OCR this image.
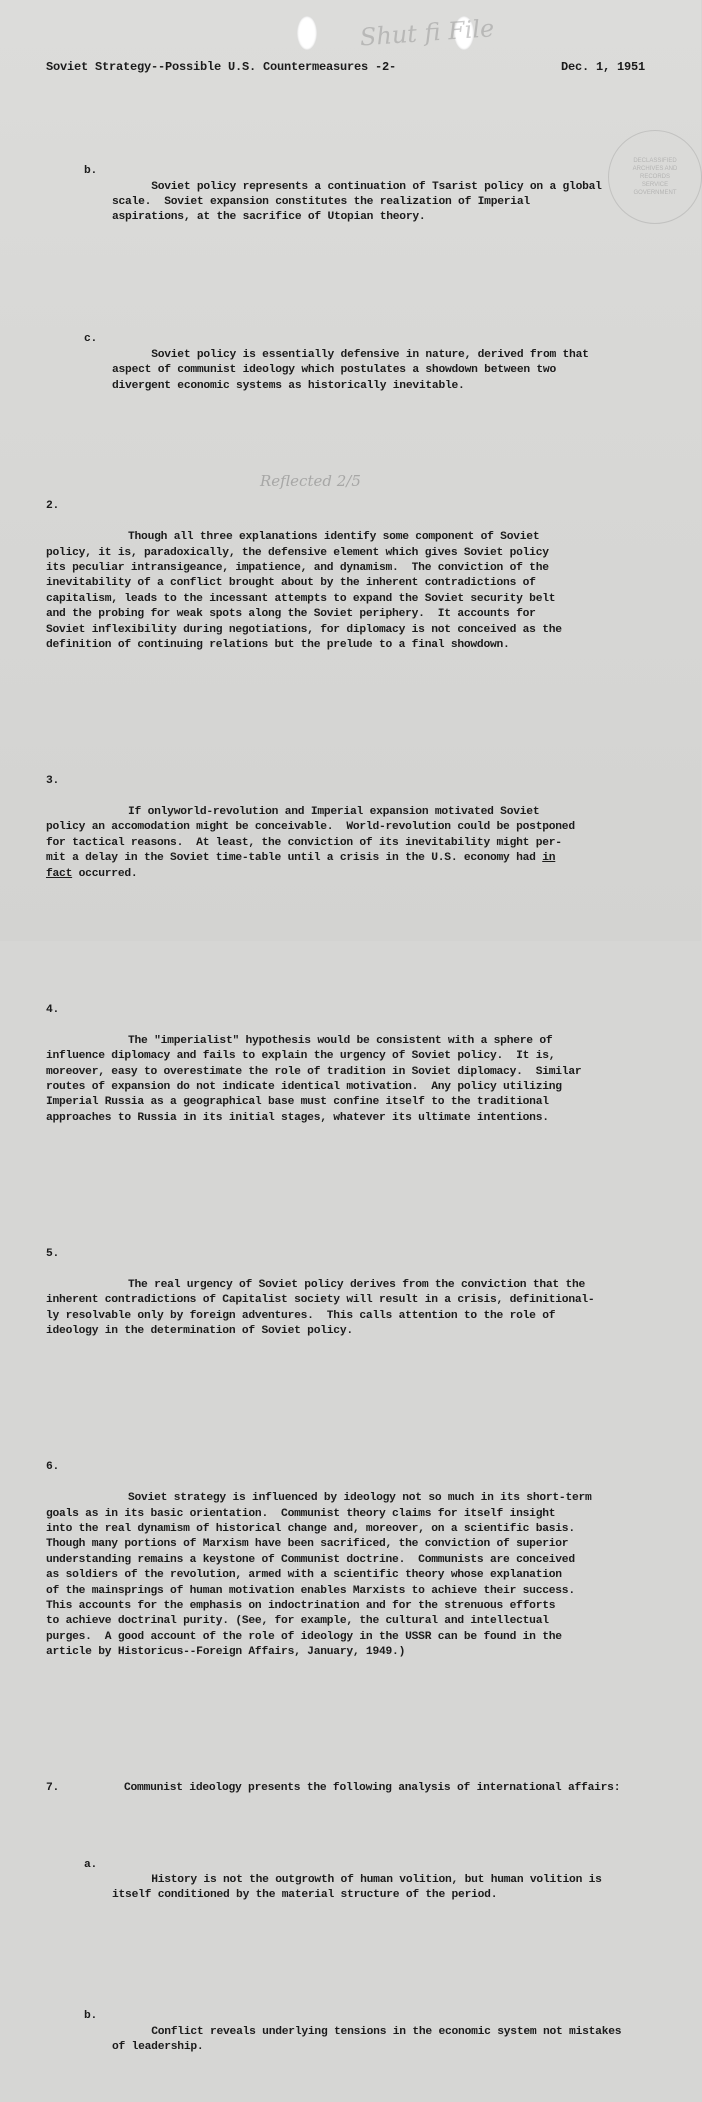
Shut fi File
DECLASSIFIED
ARCHIVES AND
RECORDS
SERVICE
GOVERNMENT
Soviet Strategy--Possible U.S. Countermeasures -2-	Dec. 1, 1951

b.
Soviet policy represents a continuation of Tsarist policy on a global
scale.  Soviet expansion constitutes the realization of Imperial
aspirations, at the sacrifice of Utopian theory.

c.
Soviet policy is essentially defensive in nature, derived from that
aspect of communist ideology which postulates a showdown between two
divergent economic systems as historically inevitable.

2.
Though all three explanations identify some component of Soviet
policy, it is, paradoxically, the defensive element which gives Soviet policy
its peculiar intransigeance, impatience, and dynamism.  The conviction of the
inevitability of a conflict brought about by the inherent contradictions of
capitalism, leads to the incessant attempts to expand the Soviet security belt
and the probing for weak spots along the Soviet periphery.  It accounts for
Soviet inflexibility during negotiations, for diplomacy is not conceived as the
definition of continuing relations but the prelude to a final showdown.

3.
If onlyworld-revolution and Imperial expansion motivated Soviet
policy an accomodation might be conceivable.  World-revolution could be postponed
for tactical reasons.  At least, the conviction of its inevitability might per-
mit a delay in the Soviet time-table until a crisis in the U.S. economy had in
fact occurred.

4.
The "imperialist" hypothesis would be consistent with a sphere of
influence diplomacy and fails to explain the urgency of Soviet policy.  It is,
moreover, easy to overestimate the role of tradition in Soviet diplomacy.  Similar
routes of expansion do not indicate identical motivation.  Any policy utilizing
Imperial Russia as a geographical base must confine itself to the traditional
approaches to Russia in its initial stages, whatever its ultimate intentions.

5.
The real urgency of Soviet policy derives from the conviction that the
inherent contradictions of Capitalist society will result in a crisis, definitional-
ly resolvable only by foreign adventures.  This calls attention to the role of
ideology in the determination of Soviet policy.

6.
Soviet strategy is influenced by ideology not so much in its short-term
goals as in its basic orientation.  Communist theory claims for itself insight
into the real dynamism of historical change and, moreover, on a scientific basis.
Though many portions of Marxism have been sacrificed, the conviction of superior
understanding remains a keystone of Communist doctrine.  Communists are conceived
as soldiers of the revolution, armed with a scientific theory whose explanation
of the mainsprings of human motivation enables Marxists to achieve their success.
This accounts for the emphasis on indoctrination and for the strenuous efforts
to achieve doctrinal purity. (See, for example, the cultural and intellectual
purges.  A good account of the role of ideology in the USSR can be found in the
article by Historicus--Foreign Affairs, January, 1949.)

7.	Communist ideology presents the following analysis of international affairs:

a.
History is not the outgrowth of human volition, but human volition is
itself conditioned by the material structure of the period.

b.
Conflict reveals underlying tensions in the economic system not mistakes
of leadership.

Reflected 2/5
